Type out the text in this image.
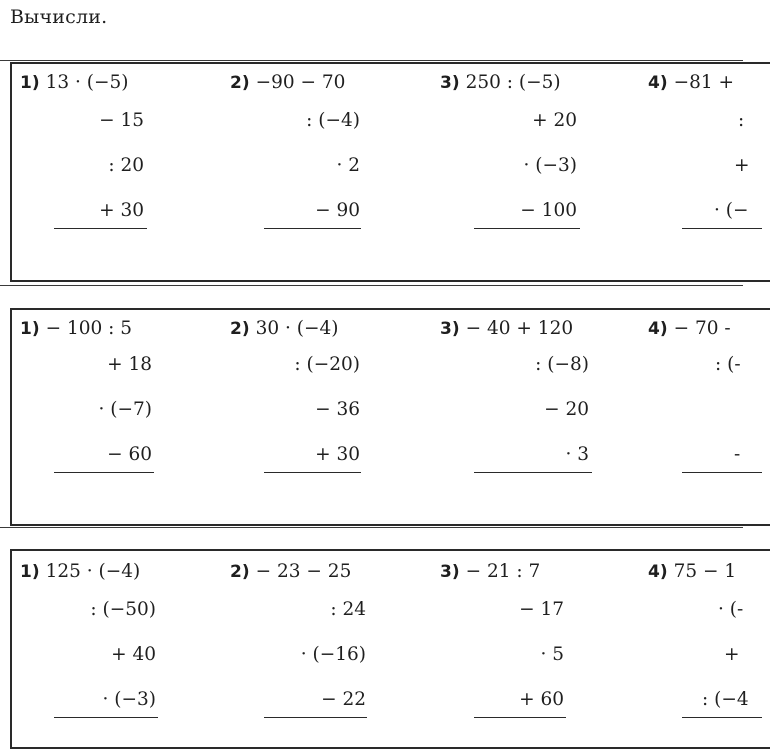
Вычисли.
1) 13 · (−5)
− 15
: 20
+ 30
2) −90 − 70
: (−4)
· 2
− 90
3) 250 : (−5)
+ 20
· (−3)
− 100
4) −81 +
:
+
· (−
1) − 100 : 5
+ 18
· (−7)
− 60
2) 30 · (−4)
: (−20)
− 36
+ 30
3) − 40 + 120
: (−8)
− 20
· 3
4) − 70 -
: (-
-
1) 125 · (−4)
: (−50)
+ 40
· (−3)
2) − 23 − 25
: 24
· (−16)
− 22
3) − 21 : 7
− 17
· 5
+ 60
4) 75 − 1
· (-
+
: (−4
